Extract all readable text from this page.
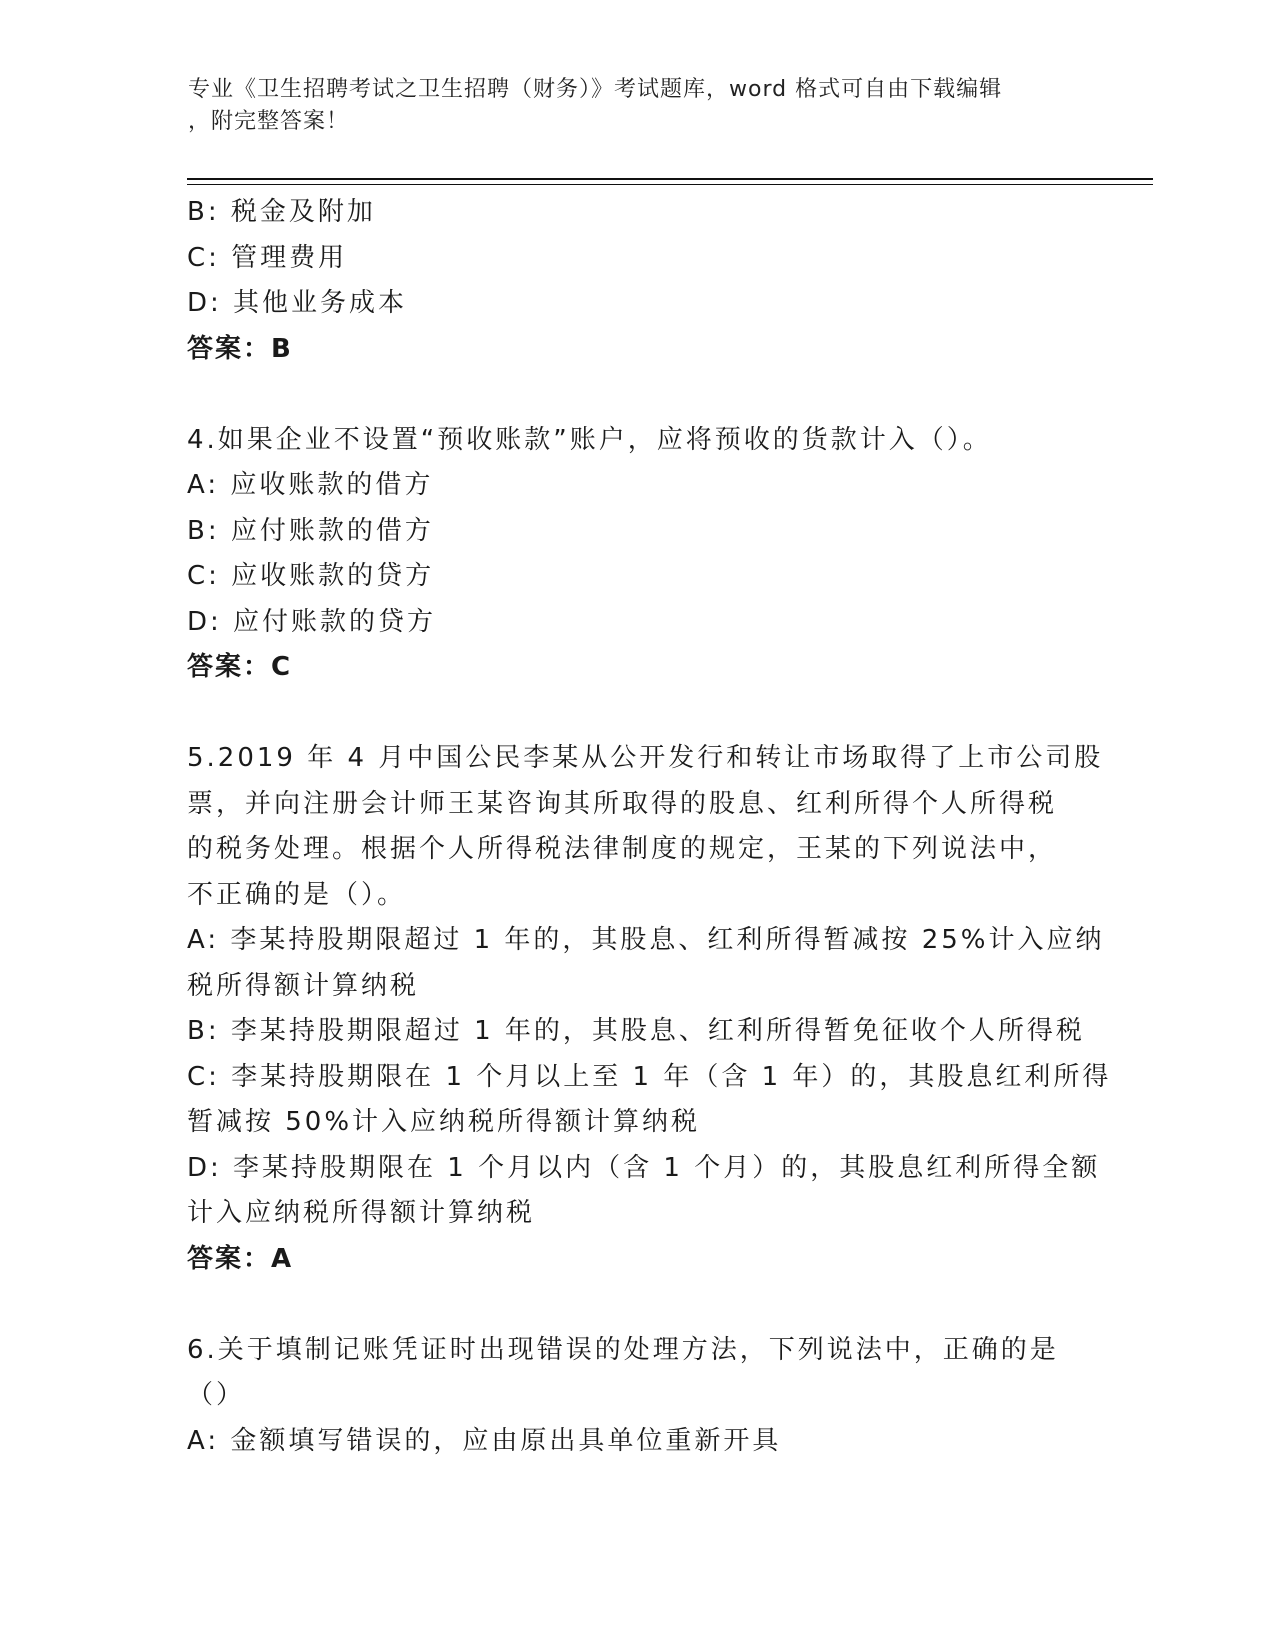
专业《卫生招聘考试之卫生招聘（财务）》考试题库，word 格式可自由下载编辑
，附完整答案！
B: 税金及附加
C: 管理费用
D: 其他业务成本
答案：B
4.如果企业不设置“预收账款”账户，应将预收的货款计入（）。
A: 应收账款的借方
B: 应付账款的借方
C: 应收账款的贷方
D: 应付账款的贷方
答案：C
5.2019 年 4 月中国公民李某从公开发行和转让市场取得了上市公司股
票，并向注册会计师王某咨询其所取得的股息、红利所得个人所得税
的税务处理。根据个人所得税法律制度的规定，王某的下列说法中，
不正确的是（）。
A: 李某持股期限超过 1 年的，其股息、红利所得暂减按 25%计入应纳
税所得额计算纳税
B: 李某持股期限超过 1 年的，其股息、红利所得暂免征收个人所得税
C: 李某持股期限在 1 个月以上至 1 年（含 1 年）的，其股息红利所得
暂减按 50%计入应纳税所得额计算纳税
D: 李某持股期限在 1 个月以内（含 1 个月）的，其股息红利所得全额
计入应纳税所得额计算纳税
答案：A
6.关于填制记账凭证时出现错误的处理方法，下列说法中，正确的是
（）
A: 金额填写错误的，应由原出具单位重新开具
